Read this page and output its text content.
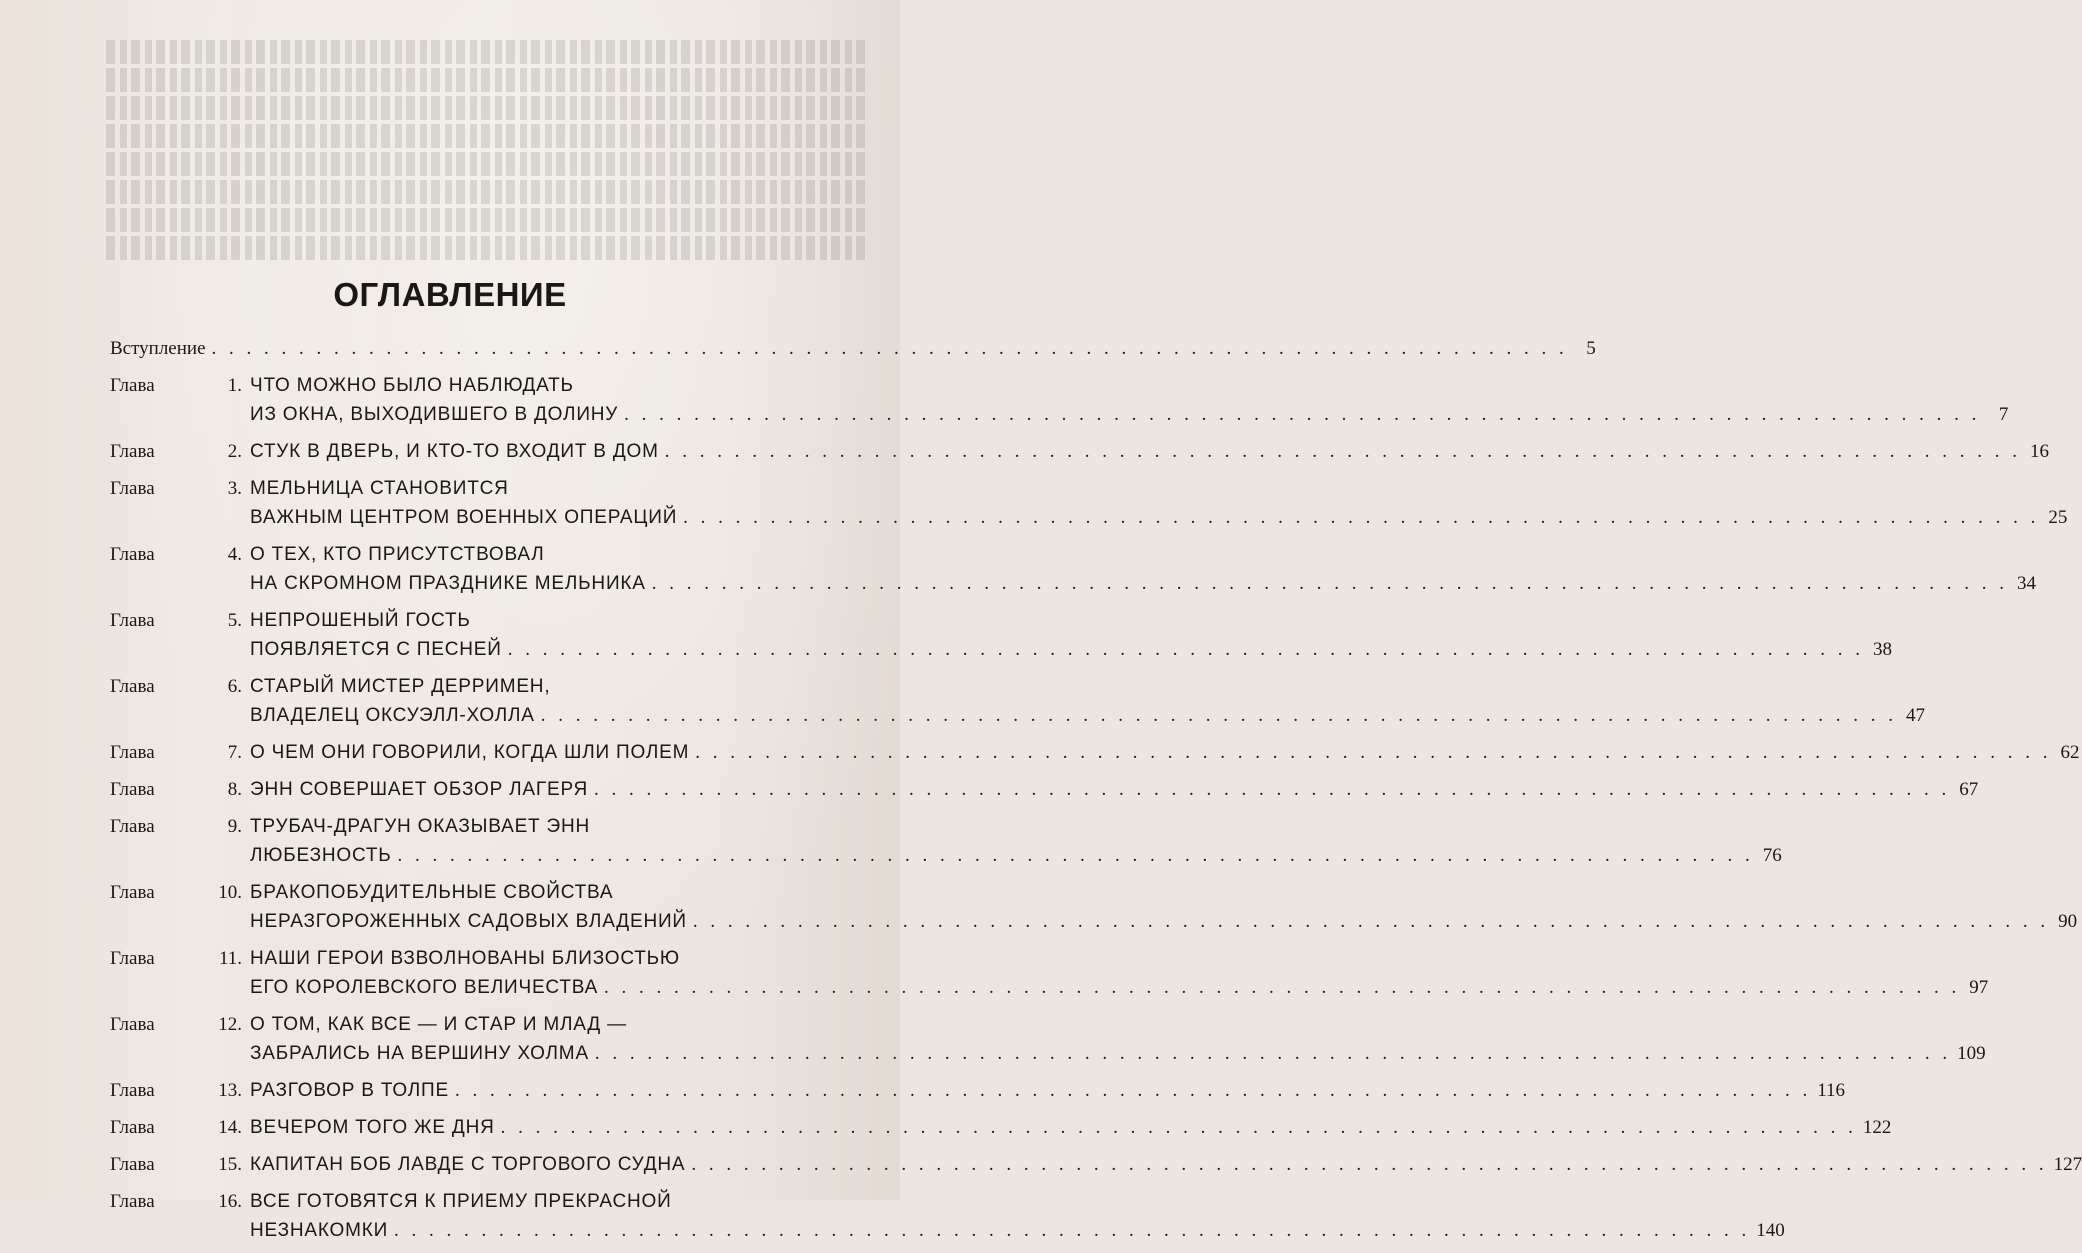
ОГЛАВЛЕНИЕ
Вступление . . .	5
Глава	1. ЧТО МОЖНО БЫЛО НАБЛЮДАТЬ
ИЗ ОКНА, ВЫХОДИВШЕГО В ДОЛИНУ . . .	7
Глава	2. СТУК В ДВЕРЬ, И КТО-ТО ВХОДИТ В ДОМ . . .	16
Глава	3. МЕЛЬНИЦА СТАНОВИТСЯ
ВАЖНЫМ ЦЕНТРОМ ВОЕННЫХ ОПЕРАЦИЙ . . .	25
Глава	4. О ТЕХ, КТО ПРИСУТСТВОВАЛ
НА СКРОМНОМ ПРАЗДНИКЕ МЕЛЬНИКА . . .	34
Глава	5. НЕПРОШЕНЫЙ ГОСТЬ
ПОЯВЛЯЕТСЯ С ПЕСНЕЙ . . .	38
Глава	6. СТАРЫЙ МИСТЕР ДЕРРИМЕН,
ВЛАДЕЛЕЦ ОКСУЭЛЛ-ХОЛЛА . . .	47
Глава	7. О ЧЕМ ОНИ ГОВОРИЛИ, КОГДА ШЛИ ПОЛЕМ . . .	62
Глава	8. ЭНН СОВЕРШАЕТ ОБЗОР ЛАГЕРЯ . . .	67
Глава	9. ТРУБАЧ-ДРАГУН ОКАЗЫВАЕТ ЭНН
ЛЮБЕЗНОСТЬ . . .	76
Глава	10. БРАКОПОБУДИТЕЛЬНЫЕ СВОЙСТВА
НЕРАЗГОРОЖЕННЫХ САДОВЫХ ВЛАДЕНИЙ . . .	90
Глава	11. НАШИ ГЕРОИ ВЗВОЛНОВАНЫ БЛИЗОСТЬЮ
ЕГО КОРОЛЕВСКОГО ВЕЛИЧЕСТВА . . .	97
Глава	12. О ТОМ, КАК ВСЕ — И СТАР И МЛАД —
ЗАБРАЛИСЬ НА ВЕРШИНУ ХОЛМА . . .	109
Глава	13. РАЗГОВОР В ТОЛПЕ . . .	116
Глава	14. ВЕЧЕРОМ ТОГО ЖЕ ДНЯ . . .	122
Глава	15. КАПИТАН БОБ ЛАВДЕ С ТОРГОВОГО СУДНА . . .	127
Глава	16. ВСЕ ГОТОВЯТСЯ К ПРИЕМУ ПРЕКРАСНОЙ
НЕЗНАКОМКИ . . .	140
